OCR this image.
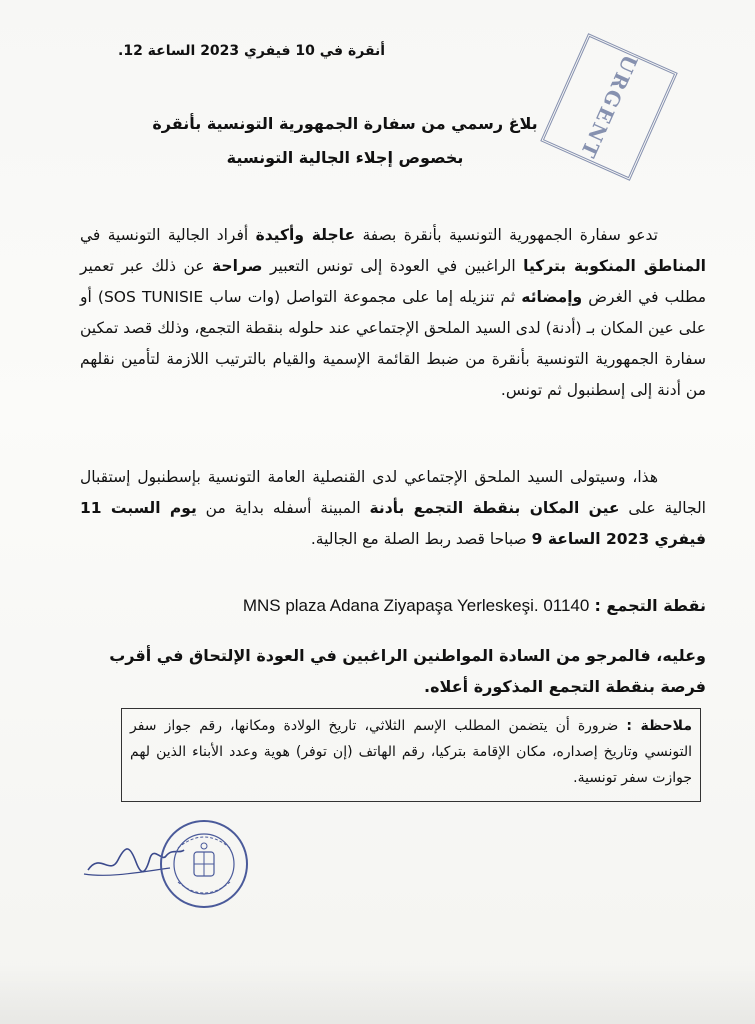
أنقرة في 10 فيفري 2023 الساعة 12.
URGENT
بلاغ رسمي من سفارة الجمهورية التونسية بأنقرة
بخصوص إجلاء الجالية التونسية
تدعو سفارة الجمهورية التونسية بأنقرة بصفة عاجلة وأكيدة أفراد الجالية التونسية في المناطق المنكوبة بتركيا الراغبين في العودة إلى تونس التعبير صراحة عن ذلك عبر تعمير مطلب في الغرض وإمضائه ثم تنزيله إما على مجموعة التواصل (وات ساب SOS TUNISIE) أو على عين المكان بـ (أدنة) لدى السيد الملحق الإجتماعي عند حلوله بنقطة التجمع، وذلك قصد تمكين سفارة الجمهورية التونسية بأنقرة من ضبط القائمة الإسمية والقيام بالترتيب اللازمة لتأمين نقلهم من أدنة إلى إسطنبول ثم تونس.
هذا، وسيتولى السيد الملحق الإجتماعي لدى القنصلية العامة التونسية بإسطنبول إستقبال الجالية على عين المكان بنقطة التجمع بأدنة المبينة أسفله بداية من يوم السبت 11 فيفري 2023 الساعة 9 صباحا قصد ربط الصلة مع الجالية.
نقطة التجمع : MNS plaza Adana Ziyapaşa Yerleskeşi. 01140
وعليه، فالمرجو من السادة المواطنين الراغبين في العودة الإلتحاق في أقرب فرصة بنقطة التجمع المذكورة أعلاه.
ملاحظة : ضرورة أن يتضمن المطلب الإسم الثلاثي، تاريخ الولادة ومكانها، رقم جواز سفر التونسي وتاريخ إصداره، مكان الإقامة بتركيا، رقم الهاتف (إن توفر) هوية وعدد الأبناء الذين لهم جوازت سفر تونسية.
